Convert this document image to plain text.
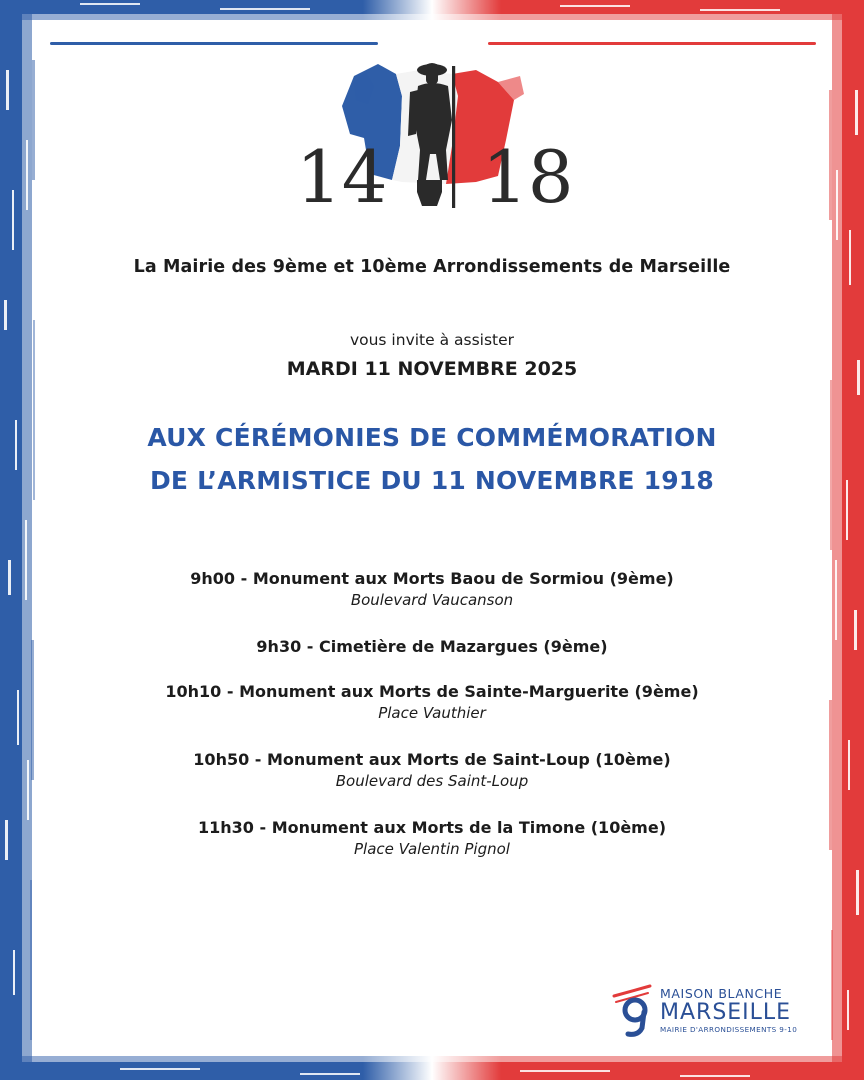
14 18
La Mairie des 9ème et 10ème Arrondissements de Marseille
vous invite à assister
MARDI 11 NOVEMBRE 2025
AUX CÉRÉMONIES DE COMMÉMORATION
DE L’ARMISTICE DU 11 NOVEMBRE 1918
9h00 - Monument aux Morts Baou de Sormiou (9ème)
Boulevard Vaucanson
9h30 - Cimetière de Mazargues (9ème)
10h10 - Monument aux Morts de Sainte-Marguerite (9ème)
Place Vauthier
10h50 - Monument aux Morts de Saint-Loup (10ème)
Boulevard des Saint-Loup
11h30 - Monument aux Morts de la Timone (10ème)
Place Valentin Pignol
MAISON BLANCHE
MARSEILLE
MAIRIE D'ARRONDISSEMENTS 9-10
